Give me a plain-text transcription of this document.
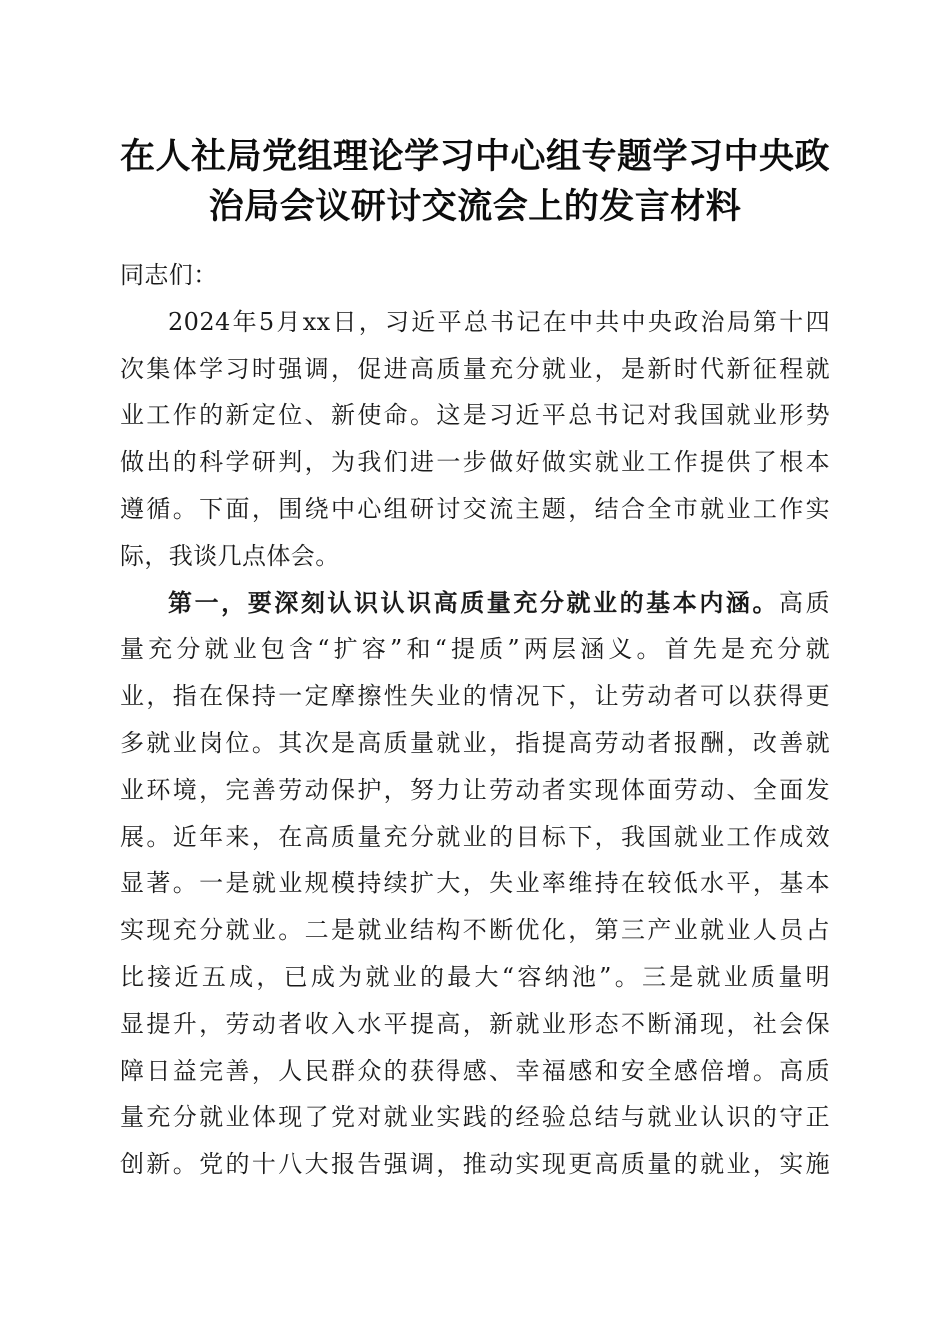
在人社局党组理论学习中心组专题学习中央政
治局会议研讨交流会上的发言材料
同志们：
2024年5月xx日，习近平总书记在中共中央政治局第十四
次集体学习时强调，促进高质量充分就业，是新时代新征程就
业工作的新定位、新使命。这是习近平总书记对我国就业形势
做出的科学研判，为我们进一步做好做实就业工作提供了根本
遵循。下面，围绕中心组研讨交流主题，结合全市就业工作实
际，我谈几点体会。
第一，要深刻认识认识高质量充分就业的基本内涵。高质
量充分就业包含“扩容”和“提质”两层涵义。首先是充分就
业，指在保持一定摩擦性失业的情况下，让劳动者可以获得更
多就业岗位。其次是高质量就业，指提高劳动者报酬，改善就
业环境，完善劳动保护，努力让劳动者实现体面劳动、全面发
展。近年来，在高质量充分就业的目标下，我国就业工作成效
显著。一是就业规模持续扩大，失业率维持在较低水平，基本
实现充分就业。二是就业结构不断优化，第三产业就业人员占
比接近五成，已成为就业的最大“容纳池”。三是就业质量明
显提升，劳动者收入水平提高，新就业形态不断涌现，社会保
障日益完善，人民群众的获得感、幸福感和安全感倍增。高质
量充分就业体现了党对就业实践的经验总结与就业认识的守正
创新。党的十八大报告强调，推动实现更高质量的就业，实施
